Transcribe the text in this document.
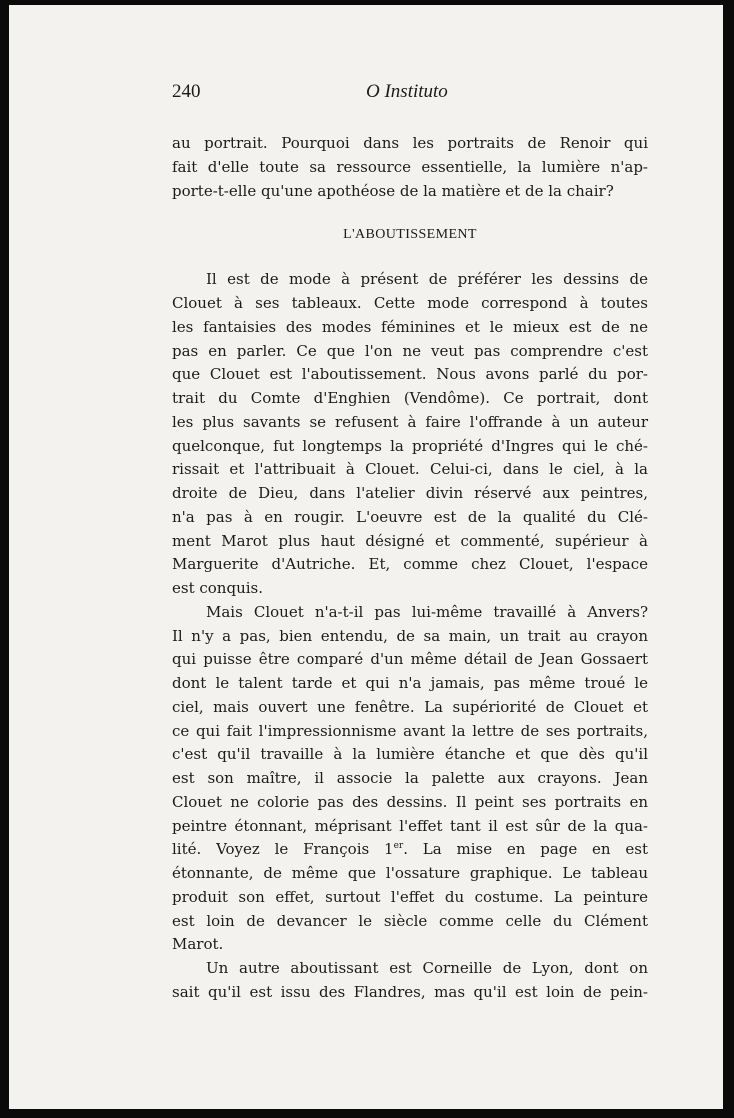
240	O Instituto
au portrait. Pourquoi dans les portraits de Renoir qui
fait d'elle toute sa ressource essentielle, la lumière n'ap-
porte-t-elle qu'une apothéose de la matière et de la chair?
L'ABOUTISSEMENT
Il est de mode à présent de préférer les dessins de
Clouet à ses tableaux. Cette mode correspond à toutes
les fantaisies des modes féminines et le mieux est de ne
pas en parler. Ce que l'on ne veut pas comprendre c'est
que Clouet est l'aboutissement. Nous avons parlé du por-
trait du Comte d'Enghien (Vendôme). Ce portrait, dont
les plus savants se refusent à faire l'offrande à un auteur
quelconque, fut longtemps la propriété d'Ingres qui le ché-
rissait et l'attribuait à Clouet. Celui-ci, dans le ciel, à la
droite de Dieu, dans l'atelier divin réservé aux peintres,
n'a pas à en rougir. L'oeuvre est de la qualité du Clé-
ment Marot plus haut désigné et commenté, supérieur à
Marguerite d'Autriche. Et, comme chez Clouet, l'espace
est conquis.
Mais Clouet n'a-t-il pas lui-même travaillé à Anvers?
Il n'y a pas, bien entendu, de sa main, un trait au crayon
qui puisse être comparé d'un même détail de Jean Gossaert
dont le talent tarde et qui n'a jamais, pas même troué le
ciel, mais ouvert une fenêtre. La supériorité de Clouet et
ce qui fait l'impressionnisme avant la lettre de ses portraits,
c'est qu'il travaille à la lumière étanche et que dès qu'il
est son maître, il associe la palette aux crayons. Jean
Clouet ne colorie pas des dessins. Il peint ses portraits en
peintre étonnant, méprisant l'effet tant il est sûr de la qua-
lité. Voyez le François 1er. La mise en page en est
étonnante, de même que l'ossature graphique. Le tableau
produit son effet, surtout l'effet du costume. La peinture
est loin de devancer le siècle comme celle du Clément
Marot.
Un autre aboutissant est Corneille de Lyon, dont on
sait qu'il est issu des Flandres, mas qu'il est loin de pein-
